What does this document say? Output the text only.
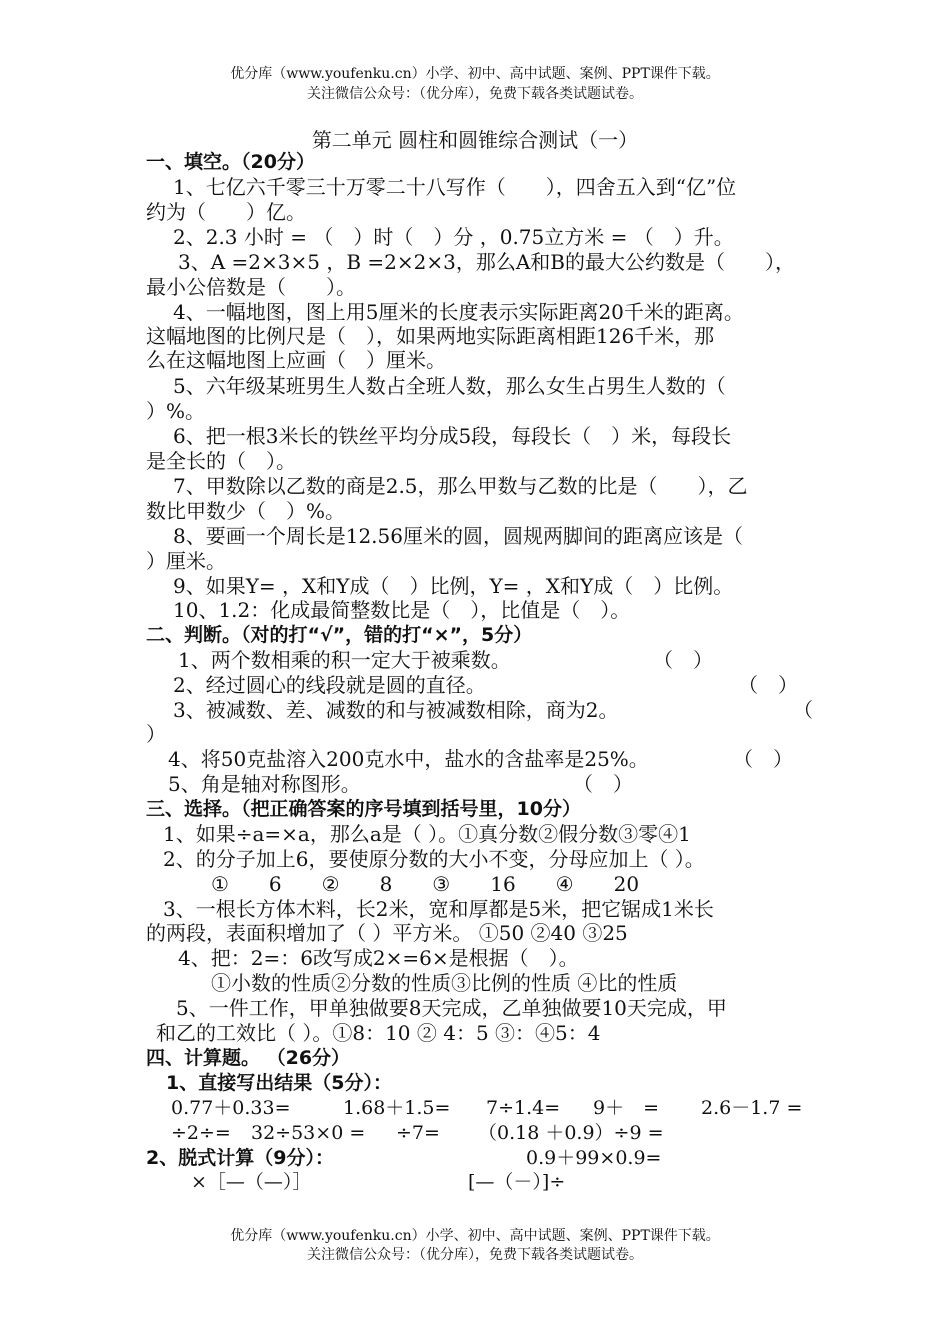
优分库（www.youfenku.cn）小学、初中、高中试题、案例、PPT课件下载。
关注微信公众号：（优分库），免费下载各类试题试卷。
第二单元 圆柱和圆锥综合测试（一）
一、填空。（20分）
1、七亿六千零三十万零二十八写作（　　），四舍五入到“亿”位
约为（　　）亿。
2、2.3 小时 = （　）时（　）分 ，0.75立方米 = （　）升。
3、A =2×3×5 ，B =2×2×3，那么A和B的最大公约数是（　　），
最小公倍数是（　　）。
4、一幅地图，图上用5厘米的长度表示实际距离20千米的距离。
这幅地图的比例尺是（　），如果两地实际距离相距126千米，那
么在这幅地图上应画（　）厘米。
5、六年级某班男生人数占全班人数，那么女生占男生人数的（
）%。
6、把一根3米长的铁丝平均分成5段，每段长（　）米，每段长
是全长的（　）。
7、甲数除以乙数的商是2.5，那么甲数与乙数的比是（　　），乙
数比甲数少（　）%。
8、要画一个周长是12.56厘米的圆，圆规两脚间的距离应该是（
）厘米。
9、如果Y= ，X和Y成（　）比例，Y= ，X和Y成（　）比例。
10、1.2：化成最简整数比是（　），比值是（　）。
二、判断。（对的打“√”，错的打“×”，5分）
1、两个数相乘的积一定大于被乘数。	（　）
2、经过圆心的线段就是圆的直径。	（　）
3、被减数、差、减数的和与被减数相除，商为2。	（
）
4、将50克盐溶入200克水中，盐水的含盐率是25%。	（　）
5、角是轴对称图形。	（　）
三、选择。（把正确答案的序号填到括号里，10分）
1、如果÷a=×a，那么a是（ ）。①真分数②假分数③零④1
2、的分子加上6，要使原分数的大小不变，分母应加上（ ）。
①　　6　　②　　8　　③　　16　　④　　20
3、一根长方体木料，长2米，宽和厚都是5米，把它锯成1米长
的两段，表面积增加了（ ）平方米。 ①50 ②40 ③25
4、把：2=：6改写成2×=6×是根据（　）。
①小数的性质②分数的性质③比例的性质 ④比的性质
5、一件工作，甲单独做要8天完成，乙单独做要10天完成，甲
和乙的工效比（ ）。①8：10 ② 4：5 ③：④5：4
四、计算题。 （26分）
1、直接写出结果（5分）：
0.77＋0.33=	1.68＋1.5= 7÷1.4= 9＋　= 2.6－1.7 =
÷2÷= 32÷53×0 = ÷7= （0.18 ＋0.9）÷9 =
2、脱式计算（9分）：	0.9＋99×0.9=
×［—（—）］	[—（－）]÷
优分库（www.youfenku.cn）小学、初中、高中试题、案例、PPT课件下载。
关注微信公众号：（优分库），免费下载各类试题试卷。
